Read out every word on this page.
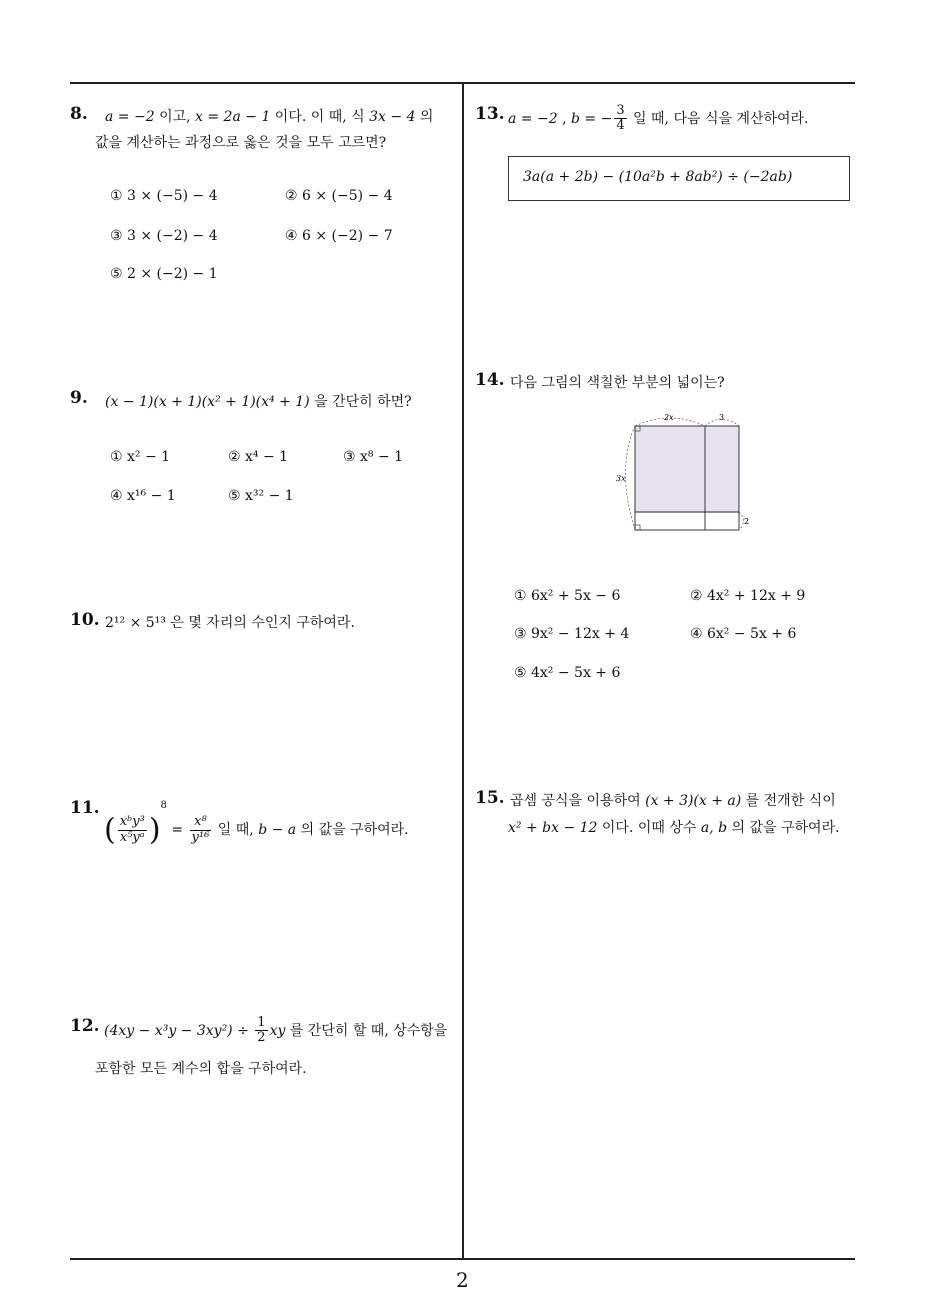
2
8. a = −2 이고, x = 2a − 1 이다. 이 때, 식 3x − 4 의
값을 계산하는 과정으로 옳은 것을 모두 고르면?
① 3 × (−5) − 4	② 6 × (−5) − 4
③ 3 × (−2) − 4	④ 6 × (−2) − 7
⑤ 2 × (−2) − 1
9. (x − 1)(x + 1)(x² + 1)(x⁴ + 1) 을 간단히 하면?
① x² − 1	② x⁴ − 1	③ x⁸ − 1
④ x¹⁶ − 1	⑤ x³² − 1
10. 2¹² × 5¹³ 은 몇 자리의 수인지 구하여라.
11.
( $\frac{\text{xᵇy³}}{\text{x⁵yᵃ}} )^8 = \frac{\text{x⁸}}{\text{y¹⁶}}$ 일 때, b − a 의 값을 구하여라.
12. $(4xy - x^3y - 3xy^2) \div \frac{1}{2}$ xy 를 간단히 할 때, 상수항을
포함한 모든 계수의 합을 구하여라.
13. a = −2 , b = − $\frac{3}{4}$ 일 때, 다음 식을 계산하여라.
3a(a + 2b) − (10a²b + 8ab²) ÷ (−2ab)
14. 다음 그림의 색칠한 부분의 넓이는?
2x	3
3x
2
① 6x² + 5x − 6	② 4x² + 12x + 9
③ 9x² − 12x + 4	④ 6x² − 5x + 6
⑤ 4x² − 5x + 6
15. 곱셈 공식을 이용하여 (x + 3)(x + a) 를 전개한 식이
x² + bx − 12 이다. 이때 상수 a, b 의 값을 구하여라.
